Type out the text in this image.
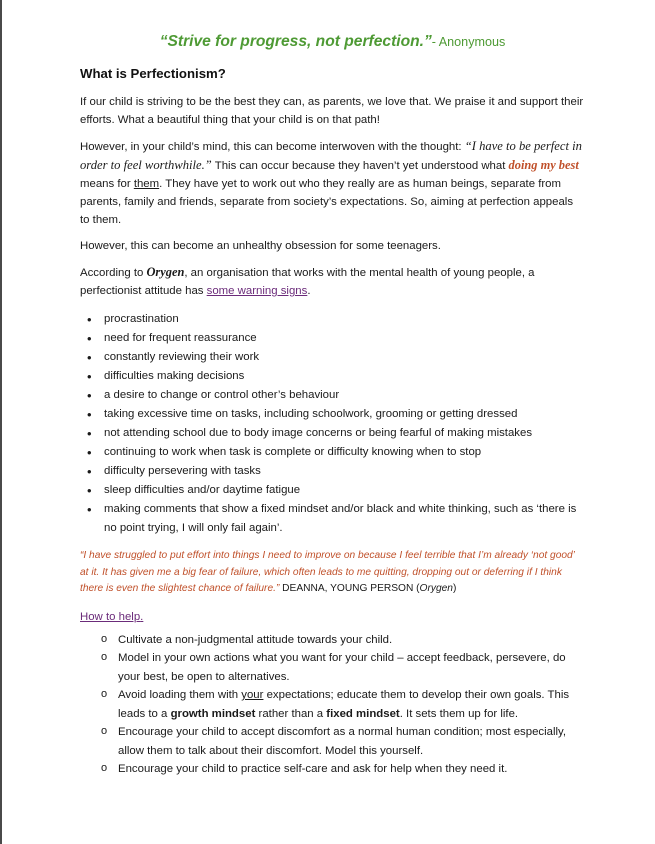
“Strive for progress, not perfection.”- Anonymous
What is Perfectionism?

If our child is striving to be the best they can, as parents, we love that. We praise it and support their efforts. What a beautiful thing that your child is on that path!

However, in your child’s mind, this can become interwoven with the thought: “I have to be perfect in order to feel worthwhile.” This can occur because they haven’t yet understood what doing my best means for them. They have yet to work out who they really are as human beings, separate from parents, family and friends, separate from society’s expectations. So, aiming at perfection appeals to them.

However, this can become an unhealthy obsession for some teenagers.

According to Orygen, an organisation that works with the mental health of young people, a perfectionist attitude has some warning signs.

• procrastination
• need for frequent reassurance
• constantly reviewing their work
• difficulties making decisions
• a desire to change or control other’s behaviour
• taking excessive time on tasks, including schoolwork, grooming or getting dressed
• not attending school due to body image concerns or being fearful of making mistakes
• continuing to work when task is complete or difficulty knowing when to stop
• difficulty persevering with tasks
• sleep difficulties and/or daytime fatigue
• making comments that show a fixed mindset and/or black and white thinking, such as ‘there is no point trying, I will only fail again’.

“I have struggled to put effort into things I need to improve on because I feel terrible that I’m already ‘not good’ at it. It has given me a big fear of failure, which often leads to me quitting, dropping out or deferring if I think there is even the slightest chance of failure.” DEANNA, YOUNG PERSON (Orygen)

How to help.

o Cultivate a non-judgmental attitude towards your child.
o Model in your own actions what you want for your child – accept feedback, persevere, do your best, be open to alternatives.
o Avoid loading them with your expectations; educate them to develop their own goals. This leads to a growth mindset rather than a fixed mindset. It sets them up for life.
o Encourage your child to accept discomfort as a normal human condition; most especially, allow them to talk about their discomfort. Model this yourself.
o Encourage your child to practice self-care and ask for help when they need it.
